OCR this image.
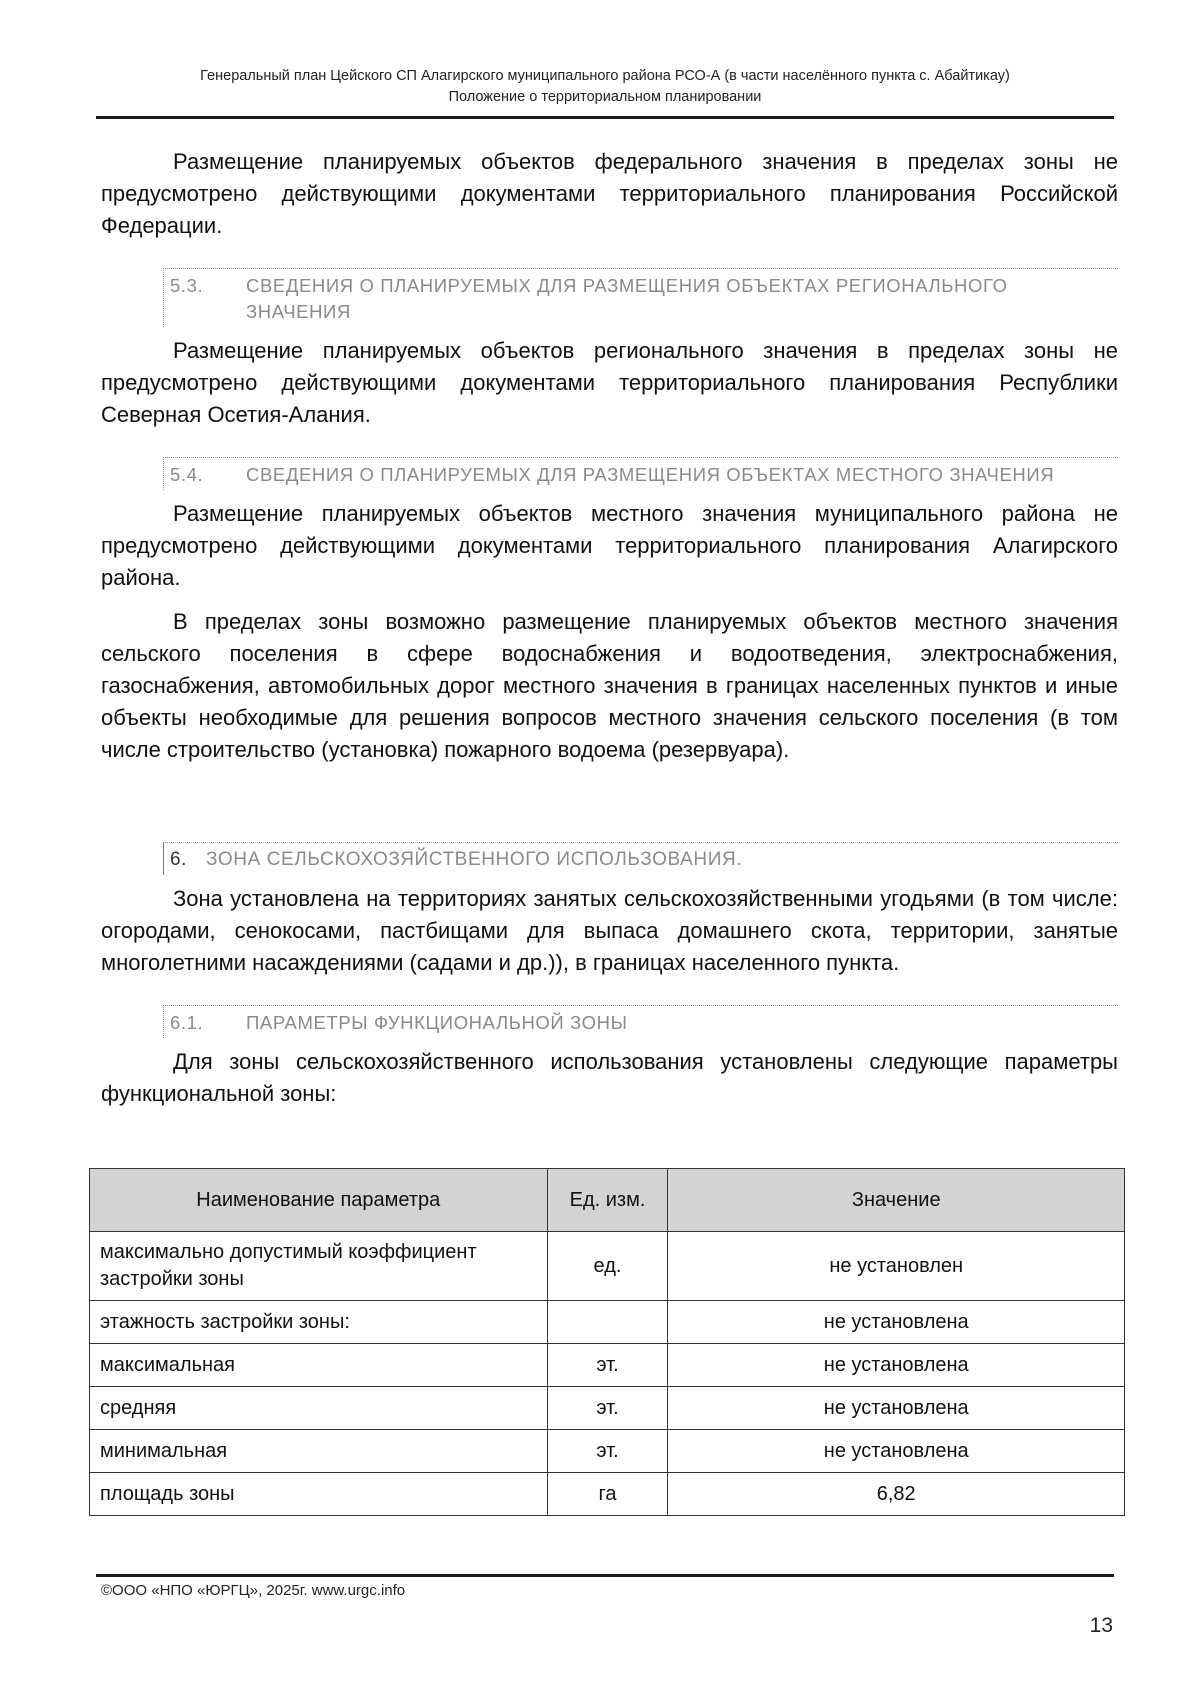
Генеральный план Цейского СП Алагирского муниципального района РСО-А (в части населённого пункта с. Абайтикау)
Положение о территориальном планировании

Размещение планируемых объектов федерального значения в пределах зоны не предусмотрено действующими документами территориального планирования Российской Федерации.

5.3.	СВЕДЕНИЯ О ПЛАНИРУЕМЫХ ДЛЯ РАЗМЕЩЕНИЯ ОБЪЕКТАХ РЕГИОНАЛЬНОГО ЗНАЧЕНИЯ

Размещение планируемых объектов регионального значения в пределах зоны не предусмотрено действующими документами территориального планирования Республики Северная Осетия-Алания.

5.4.	СВЕДЕНИЯ О ПЛАНИРУЕМЫХ ДЛЯ РАЗМЕЩЕНИЯ ОБЪЕКТАХ МЕСТНОГО ЗНАЧЕНИЯ

Размещение планируемых объектов местного значения муниципального района не предусмотрено действующими документами территориального планирования Алагирского района.

В пределах зоны возможно размещение планируемых объектов местного значения сельского поселения в сфере водоснабжения и водоотведения, электроснабжения, газоснабжения, автомобильных дорог местного значения в границах населенных пунктов и иные объекты необходимые для решения вопросов местного значения сельского поселения (в том числе строительство (установка) пожарного водоема (резервуара).

6. ЗОНА СЕЛЬСКОХОЗЯЙСТВЕННОГО ИСПОЛЬЗОВАНИЯ.

Зона установлена на территориях занятых сельскохозяйственными угодьями (в том числе: огородами, сенокосами, пастбищами для выпаса домашнего скота, территории, занятые многолетними насаждениями (садами и др.)), в границах населенного пункта.

6.1.	ПАРАМЕТРЫ ФУНКЦИОНАЛЬНОЙ ЗОНЫ

Для зоны сельскохозяйственного использования установлены следующие параметры функциональной зоны:

Наименование параметра	Ед. изм.	Значение
максимально допустимый коэффициент застройки зоны	ед.	не установлен
этажность застройки зоны:		не установлена
максимальная	эт.	не установлена
средняя	эт.	не установлена
минимальная	эт.	не установлена
площадь зоны	га	6,82
©ООО «НПО «ЮРГЦ», 2025г. www.urgc.info
13
